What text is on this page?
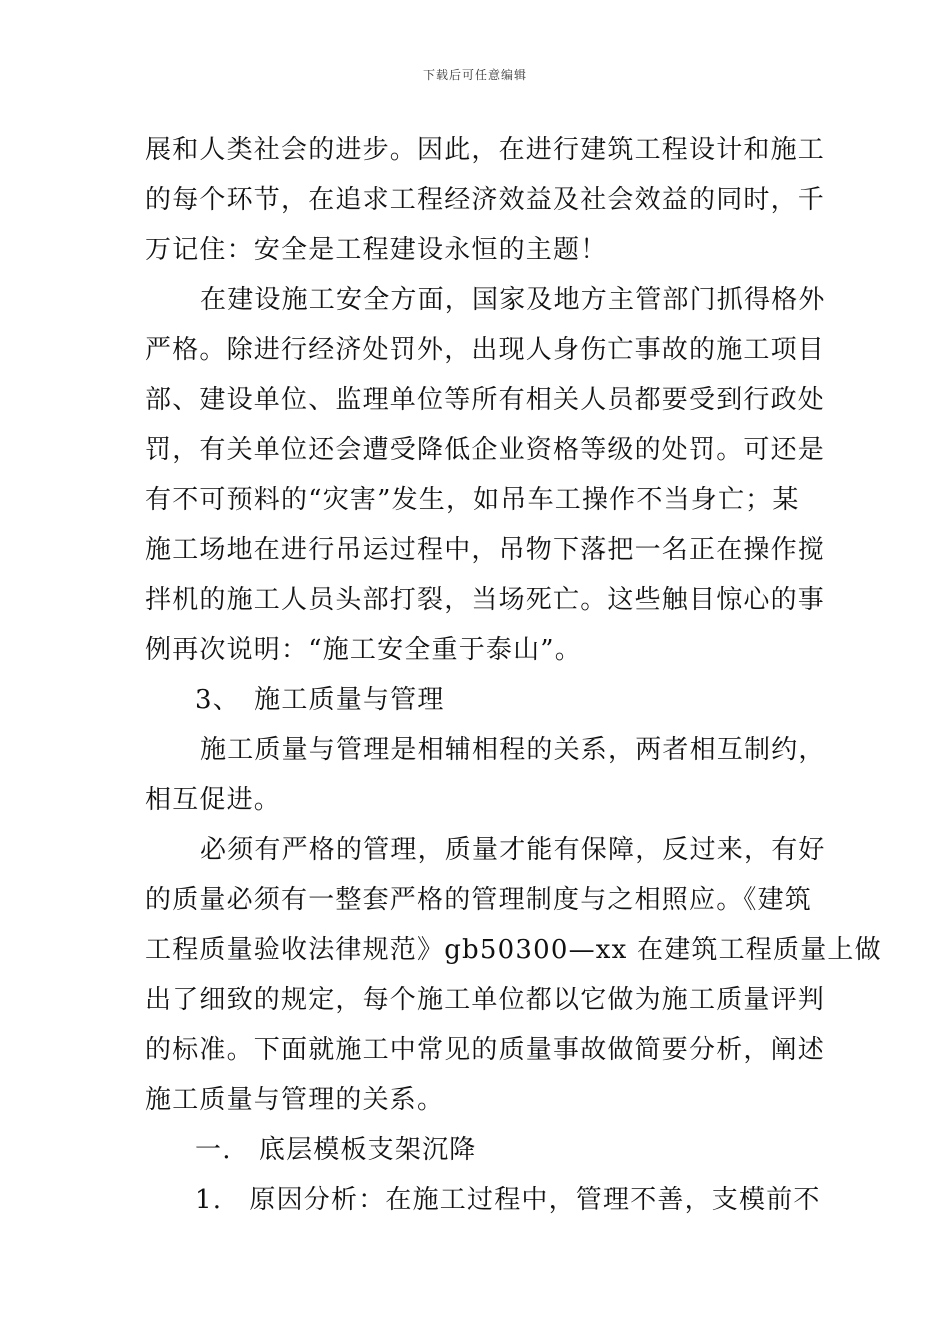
下载后可任意编辑
展和人类社会的进步。因此，在进行建筑工程设计和施工
的每个环节，在追求工程经济效益及社会效益的同时，千
万记住：安全是工程建设永恒的主题！
在建设施工安全方面，国家及地方主管部门抓得格外
严格。除进行经济处罚外，出现人身伤亡事故的施工项目
部、建设单位、监理单位等所有相关人员都要受到行政处
罚，有关单位还会遭受降低企业资格等级的处罚。可还是
有不可预料的“灾害”发生，如吊车工操作不当身亡；某
施工场地在进行吊运过程中，吊物下落把一名正在操作搅
拌机的施工人员头部打裂，当场死亡。这些触目惊心的事
例再次说明：“施工安全重于泰山”。
3、　施工质量与管理
施工质量与管理是相辅相程的关系，两者相互制约，
相互促进。
必须有严格的管理，质量才能有保障，反过来，有好
的质量必须有一整套严格的管理制度与之相照应。《建筑
工程质量验收法律规范》gb50300—xx 在建筑工程质量上做
出了细致的规定，每个施工单位都以它做为施工质量评判
的标准。下面就施工中常见的质量事故做简要分析，阐述
施工质量与管理的关系。
一.　底层模板支架沉降
1.　原因分析：在施工过程中，管理不善，支模前不
